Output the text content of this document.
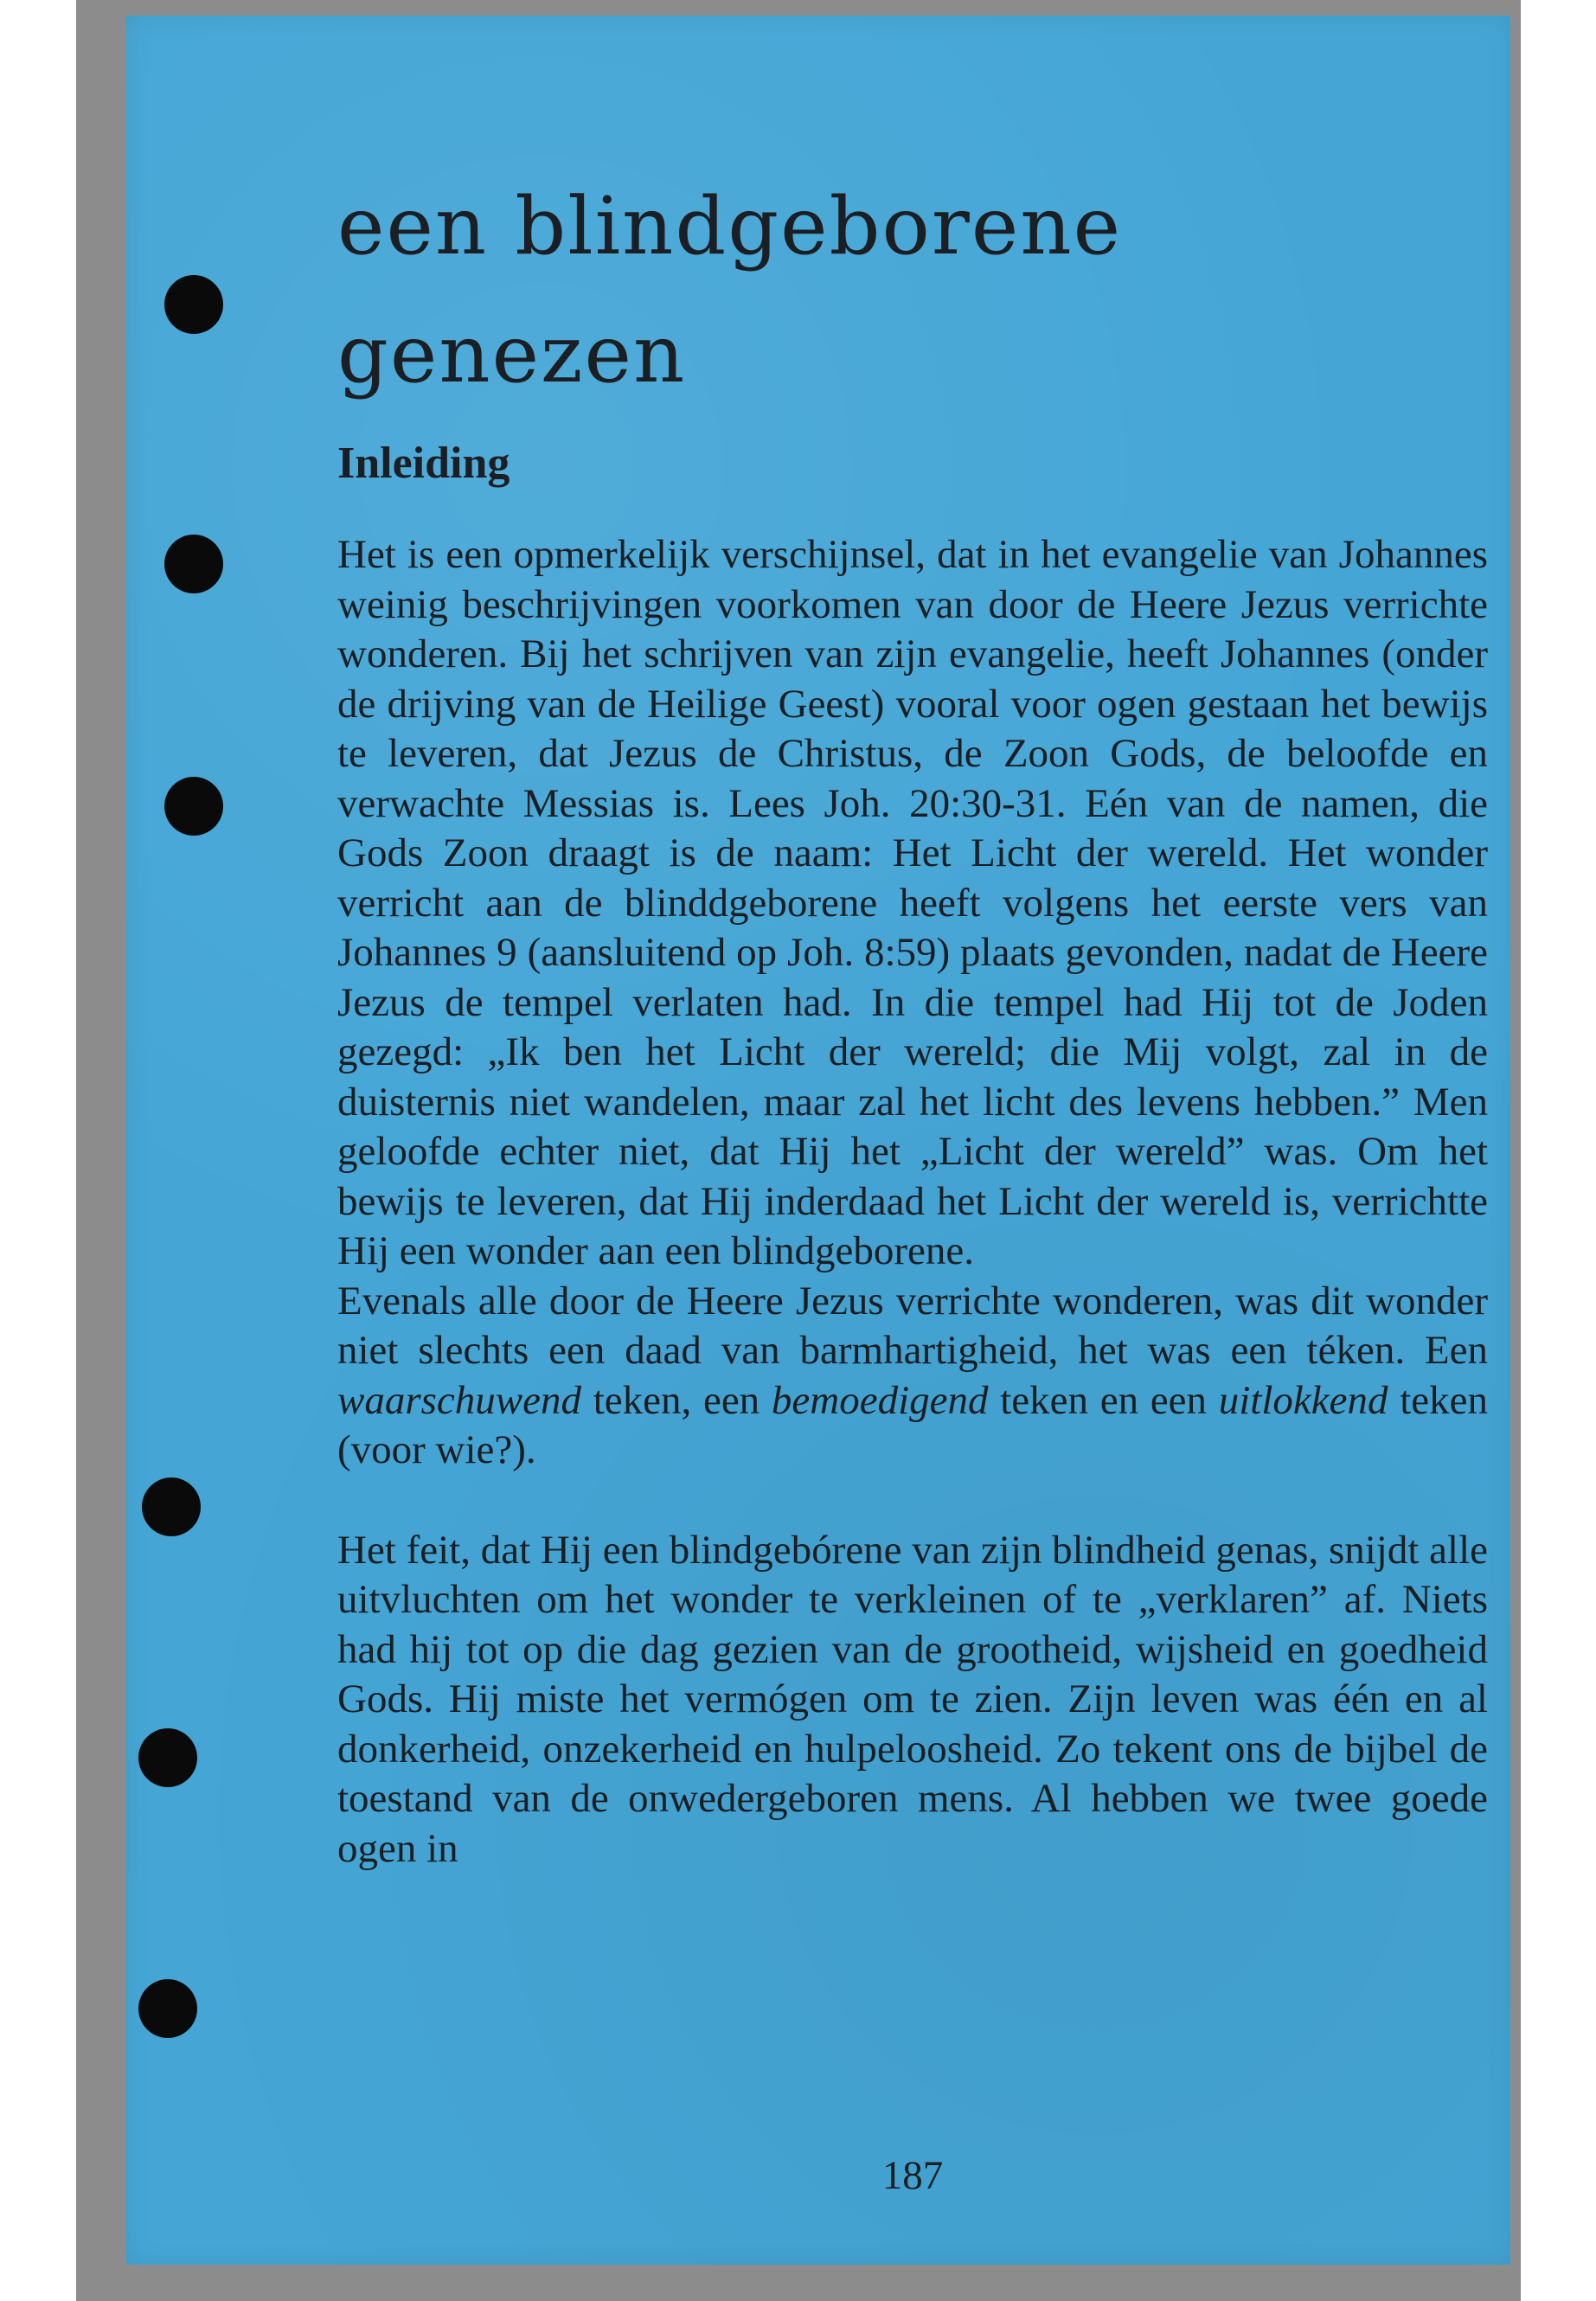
een blindgeborene genezen
Inleiding

Het is een opmerkelijk verschijnsel, dat in het evangelie van Johannes weinig beschrijvingen voorkomen van door de Heere Jezus verrichte wonderen. Bij het schrijven van zijn evangelie, heeft Johannes (onder de drijving van de Heilige Geest) vooral voor ogen gestaan het bewijs te leveren, dat Jezus de Christus, de Zoon Gods, de beloofde en verwachte Messias is. Lees Joh. 20:30-31. Eén van de namen, die Gods Zoon draagt is de naam: Het Licht der wereld. Het wonder verricht aan de blinddgeborene heeft volgens het eerste vers van Johannes 9 (aansluitend op Joh. 8:59) plaats gevonden, nadat de Heere Jezus de tempel verlaten had. In die tempel had Hij tot de Joden gezegd: „Ik ben het Licht der wereld; die Mij volgt, zal in de duisternis niet wandelen, maar zal het licht des levens hebben.” Men geloofde echter niet, dat Hij het „Licht der wereld” was. Om het bewijs te leveren, dat Hij inderdaad het Licht der wereld is, verrichtte Hij een wonder aan een blindgeborene.

Evenals alle door de Heere Jezus verrichte wonderen, was dit wonder niet slechts een daad van barmhartigheid, het was een téken. Een waarschuwend teken, een bemoedigend teken en een uitlokkend teken (voor wie?).

Het feit, dat Hij een blindgebórene van zijn blindheid genas, snijdt alle uitvluchten om het wonder te verkleinen of te „verklaren” af. Niets had hij tot op die dag gezien van de grootheid, wijsheid en goedheid Gods. Hij miste het vermógen om te zien. Zijn leven was één en al donkerheid, onzekerheid en hulpeloosheid. Zo tekent ons de bijbel de toestand van de onwedergeboren mens. Al hebben we twee goede ogen in

187
